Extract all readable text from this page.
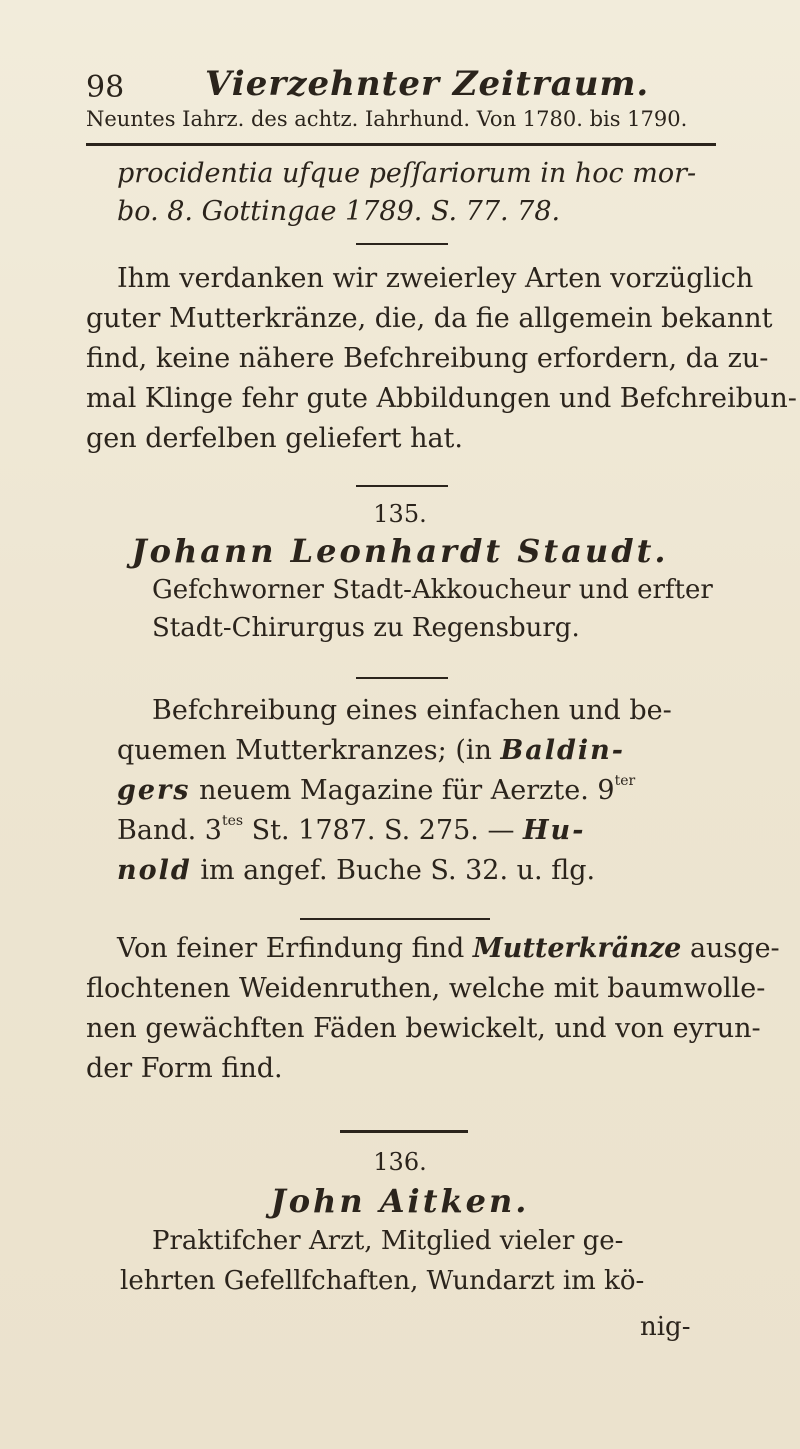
98 Vierzehnter Zeitraum.
Neuntes Iahrz. des achtz. Iahrhund. Von 1780. bis 1790.
procidentia ufque peſſariorum in hoc mor-
bo. 8. Gottingae 1789. S. 77. 78.
Ihm verdanken wir zweierley Arten vorzüglich
guter Mutterkränze, die, da fie allgemein bekannt
find, keine nähere Befchreibung erfordern, da zu-
mal Klinge fehr gute Abbildungen und Befchreibun-
gen derfelben geliefert hat.
135.
Johann Leonhardt Staudt.
Gefchworner Stadt-Akkoucheur und erfter
Stadt-Chirurgus zu Regensburg.
Befchreibung eines einfachen und be-
quemen Mutterkranzes; (in Baldin-
gers neuem Magazine für Aerzte. $9^{ter}$
Band. $3^{tes}$ St. 1787. S. 275. — Hu-
nold im angef. Buche S. 32. u. flg.
Von feiner Erfindung find Mutterkränze ausge-
flochtenen Weidenruthen, welche mit baumwolle-
nen gewächften Fäden bewickelt, und von eyrun-
der Form find.
136.
John Aitken.
Praktifcher Arzt, Mitglied vieler ge-
lehrten Gefellfchaften, Wundarzt im kö-
nig-
